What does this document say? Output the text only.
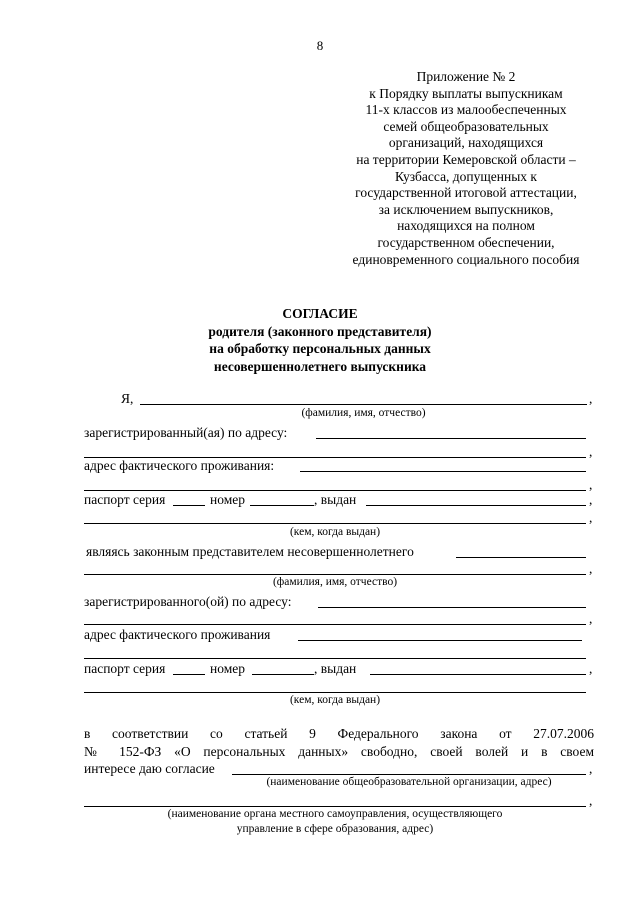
8
Приложение № 2
к Порядку выплаты выпускникам
11-х классов из малообеспеченных
семей общеобразовательных
организаций, находящихся
на территории Кемеровской области –
Кузбасса, допущенных к
государственной итоговой аттестации,
за исключением выпускников,
находящихся на полном
государственном обеспечении,
единовременного социального пособия
СОГЛАСИЕ
родителя (законного представителя)
на обработку персональных данных
несовершеннолетнего выпускника
Я,	,
(фамилия, имя, отчество)
зарегистрированный(ая) по адресу:
,
адрес фактического проживания:
,
паспорт серия	номер	, выдан	,
,
(кем, когда выдан)
являясь законным представителем несовершеннолетнего
,
(фамилия, имя, отчество)
зарегистрированного(ой) по адресу:
,
адрес фактического проживания
паспорт серия	номер	, выдан	,
(кем, когда выдан)
в соответствии со статьей 9 Федерального закона от 27.07.2006
№ 152-ФЗ «О персональных данных» свободно, своей волей и в своем
интересе даю согласие	,
(наименование общеобразовательной организации, адрес)
,
(наименование органа местного самоуправления, осуществляющего
управление в сфере образования, адрес)
